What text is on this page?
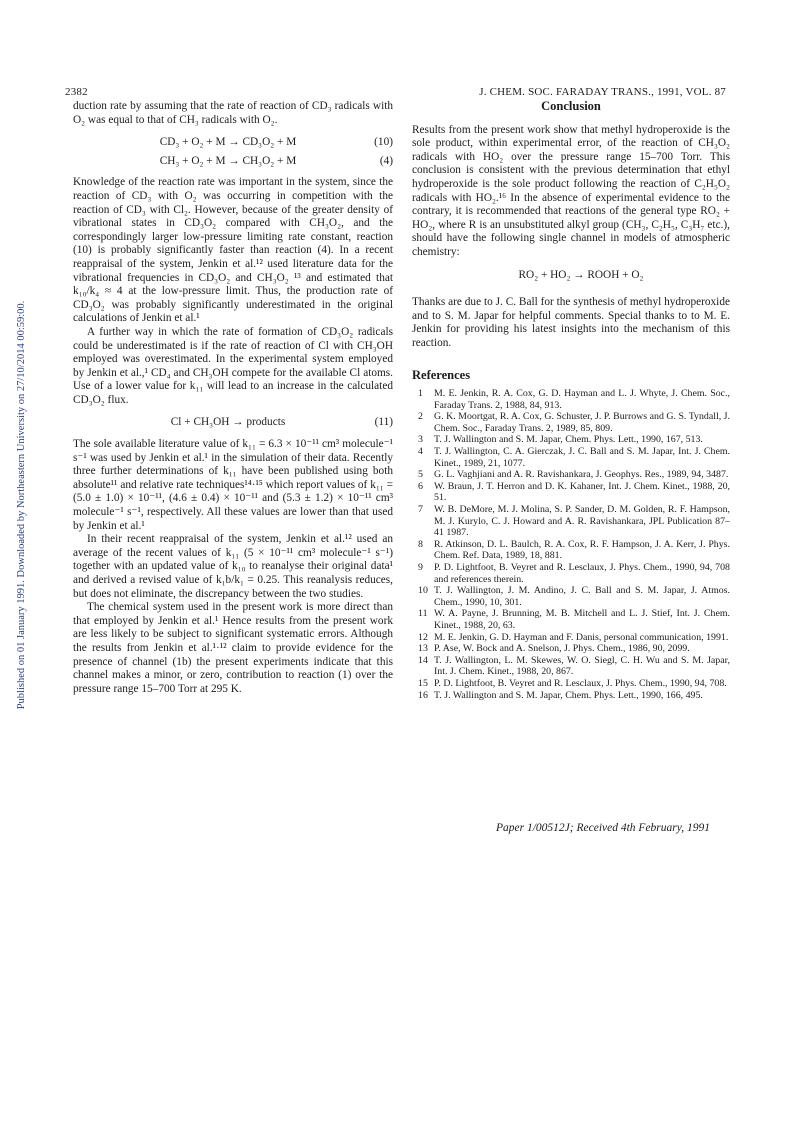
Published on 01 January 1991. Downloaded by Northeastern University on 27/10/2014 00:59:00.
2382	J. CHEM. SOC. FARADAY TRANS., 1991, VOL. 87

duction rate by assuming that the rate of reaction of CD₃ radicals with O₂ was equal to that of CH₃ radicals with O₂.

CD₃ + O₂ + M → CD₃O₂ + M	(10)
CH₃ + O₂ + M → CH₃O₂ + M	(4)

Knowledge of the reaction rate was important in the system, since the reaction of CD₃ with O₂ was occurring in competition with the reaction of CD₃ with Cl₂. However, because of the greater density of vibrational states in CD₃O₂ compared with CH₃O₂, and the correspondingly larger low-pressure limiting rate constant, reaction (10) is probably significantly faster than reaction (4). In a recent reappraisal of the system, Jenkin et al.¹² used literature data for the vibrational frequencies in CD₃O₂ and CH₃O₂ ¹³ and estimated that k₁₀/k₄ ≈ 4 at the low-pressure limit. Thus, the production rate of CD₃O₂ was probably significantly underestimated in the original calculations of Jenkin et al.¹

A further way in which the rate of formation of CD₃O₂ radicals could be underestimated is if the rate of reaction of Cl with CH₃OH employed was overestimated. In the experimental system employed by Jenkin et al.,¹ CD₄ and CH₃OH compete for the available Cl atoms. Use of a lower value for k₁₁ will lead to an increase in the calculated CD₃O₂ flux.

Cl + CH₃OH → products	(11)

The sole available literature value of k₁₁ = 6.3 × 10⁻¹¹ cm³ molecule⁻¹ s⁻¹ was used by Jenkin et al.¹ in the simulation of their data. Recently three further determinations of k₁₁ have been published using both absolute¹¹ and relative rate techniques¹⁴·¹⁵ which report values of k₁₁ = (5.0 ± 1.0) × 10⁻¹¹, (4.6 ± 0.4) × 10⁻¹¹ and (5.3 ± 1.2) × 10⁻¹¹ cm³ molecule⁻¹ s⁻¹, respectively. All these values are lower than that used by Jenkin et al.¹

In their recent reappraisal of the system, Jenkin et al.¹² used an average of the recent values of k₁₁ (5 × 10⁻¹¹ cm³ molecule⁻¹ s⁻¹) together with an updated value of k₁₀ to reanalyse their original data¹ and derived a revised value of k₁b/k₁ = 0.25. This reanalysis reduces, but does not eliminate, the discrepancy between the two studies.

The chemical system used in the present work is more direct than that employed by Jenkin et al.¹ Hence results from the present work are less likely to be subject to significant systematic errors. Although the results from Jenkin et al.¹·¹² claim to provide evidence for the presence of channel (1b) the present experiments indicate that this channel makes a minor, or zero, contribution to reaction (1) over the pressure range 15–700 Torr at 295 K.

Conclusion

Results from the present work show that methyl hydroperoxide is the sole product, within experimental error, of the reaction of CH₃O₂ radicals with HO₂ over the pressure range 15–700 Torr. This conclusion is consistent with the previous determination that ethyl hydroperoxide is the sole product following the reaction of C₂H₅O₂ radicals with HO₂.¹⁶ In the absence of experimental evidence to the contrary, it is recommended that reactions of the general type RO₂ + HO₂, where R is an unsubstituted alkyl group (CH₃, C₂H₅, C₃H₇ etc.), should have the following single channel in models of atmospheric chemistry:

RO₂ + HO₂ → ROOH + O₂

Thanks are due to J. C. Ball for the synthesis of methyl hydroperoxide and to S. M. Japar for helpful comments. Special thanks to to M. E. Jenkin for providing his latest insights into the mechanism of this reaction.

References
1	M. E. Jenkin, R. A. Cox, G. D. Hayman and L. J. Whyte, J. Chem. Soc., Faraday Trans. 2, 1988, 84, 913.
2	G. K. Moortgat, R. A. Cox, G. Schuster, J. P. Burrows and G. S. Tyndall, J. Chem. Soc., Faraday Trans. 2, 1989, 85, 809.
3	T. J. Wallington and S. M. Japar, Chem. Phys. Lett., 1990, 167, 513.
4	T. J. Wallington, C. A. Gierczak, J. C. Ball and S. M. Japar, Int. J. Chem. Kinet., 1989, 21, 1077.
5	G. L. Vaghjiani and A. R. Ravishankara, J. Geophys. Res., 1989, 94, 3487.
6	W. Braun, J. T. Herron and D. K. Kahaner, Int. J. Chem. Kinet., 1988, 20, 51.
7	W. B. DeMore, M. J. Molina, S. P. Sander, D. M. Golden, R. F. Hampson, M. J. Kurylo, C. J. Howard and A. R. Ravishankara, JPL Publication 87–41 1987.
8	R. Atkinson, D. L. Baulch, R. A. Cox, R. F. Hampson, J. A. Kerr, J. Phys. Chem. Ref. Data, 1989, 18, 881.
9	P. D. Lightfoot, B. Veyret and R. Lesclaux, J. Phys. Chem., 1990, 94, 708 and references therein.
10 T. J. Wallington, J. M. Andino, J. C. Ball and S. M. Japar, J. Atmos. Chem., 1990, 10, 301.
11 W. A. Payne, J. Brunning, M. B. Mitchell and L. J. Stief, Int. J. Chem. Kinet., 1988, 20, 63.
12 M. E. Jenkin, G. D. Hayman and F. Danis, personal communication, 1991.
13 P. Ase, W. Bock and A. Snelson, J. Phys. Chem., 1986, 90, 2099.
14 T. J. Wallington, L. M. Skewes, W. O. Siegl, C. H. Wu and S. M. Japar, Int. J. Chem. Kinet., 1988, 20, 867.
15 P. D. Lightfoot, B. Veyret and R. Lesclaux, J. Phys. Chem., 1990, 94, 708.
16 T. J. Wallington and S. M. Japar, Chem. Phys. Lett., 1990, 166, 495.
Paper 1/00512J; Received 4th February, 1991
